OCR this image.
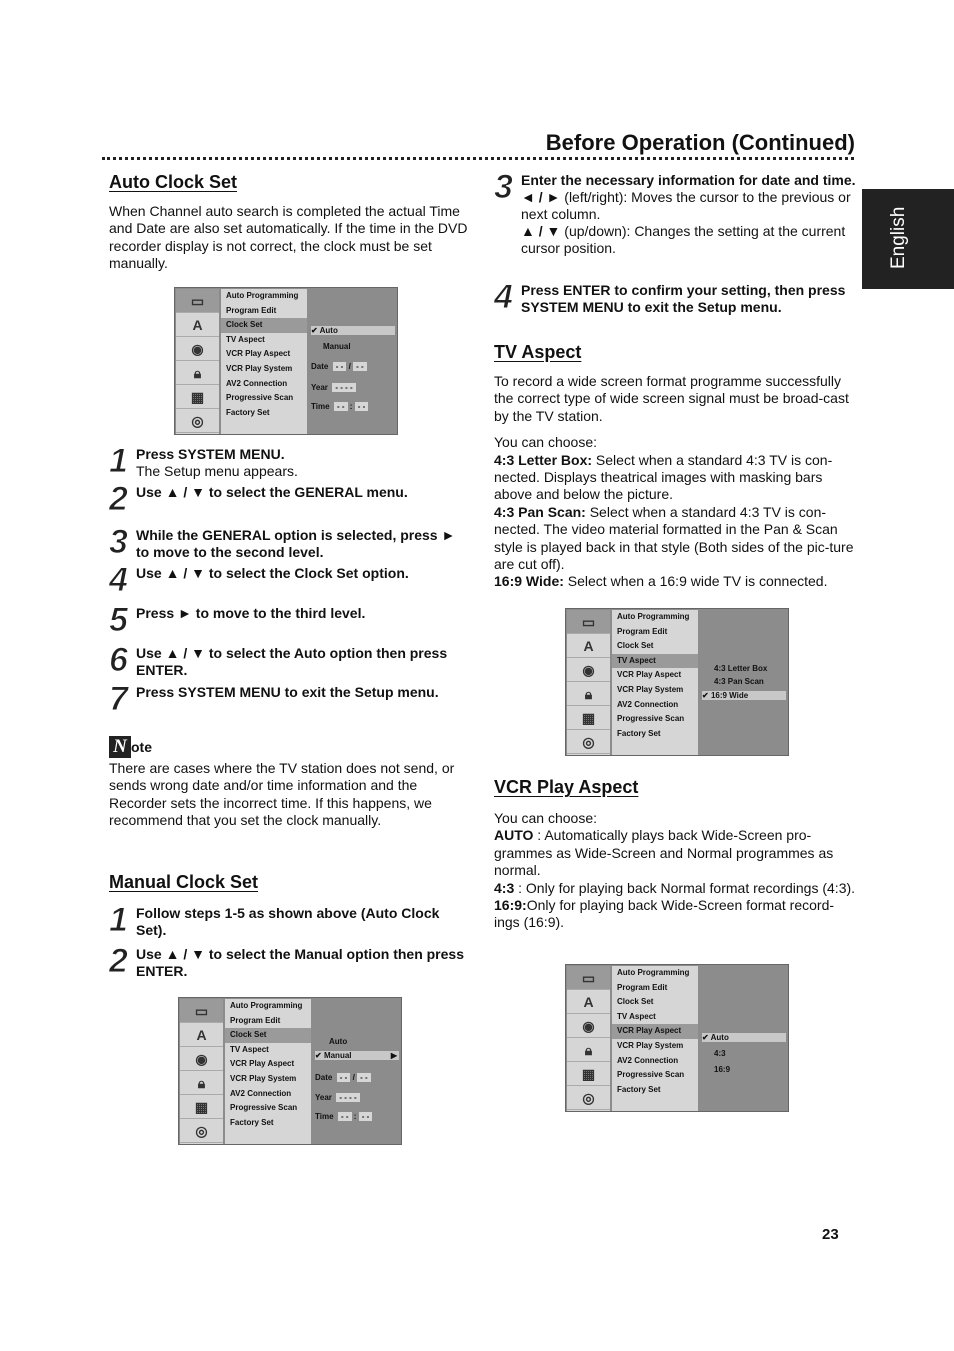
Before Operation (Continued)
English
Auto Clock Set

When Channel auto search is completed the actual Time and Date are also set automatically. If the time in the DVD recorder display is not correct, the clock must be set manually.

▭
A
◉
🔒︎
▦
◎
Auto Programming
Program Edit
Clock Set
TV Aspect
VCR Play Aspect
VCR Play System
AV2 Connection
Progressive Scan
Factory Set
✔ Auto
Manual
Date - - / - -
Year - - - -
Time - - : - -
1 Press SYSTEM MENU.
The Setup menu appears.
2 Use ▲ / ▼ to select the GENERAL menu.
3 While the GENERAL option is selected, press ► to move to the second level.
4 Use ▲ / ▼ to select the Clock Set option.
5 Press ► to move to the third level.
6 Use ▲ / ▼ to select the Auto option then press ENTER.
7 Press SYSTEM MENU to exit the Setup menu.
N ote

There are cases where the TV station does not send, or sends wrong date and/or time information and the Recorder sets the incorrect time. If this happens, we recommend that you set the clock manually.

Manual Clock Set
1 Follow steps 1-5 as shown above (Auto Clock Set).
2 Use ▲ / ▼ to select the Manual option then press ENTER.
▭
A
◉
🔒︎
▦
◎
Auto Programming
Program Edit
Clock Set
TV Aspect
VCR Play Aspect
VCR Play System
AV2 Connection
Progressive Scan
Factory Set
Auto
✔ Manual	▶
Date - - / - -
Year - - - -
Time - - : - -
3 Enter the necessary information for date and time.
◄ / ► (left/right): Moves the cursor to the previous or next column.
▲ / ▼ (up/down): Changes the setting at the current cursor position.
4 Press ENTER to confirm your setting, then press SYSTEM MENU to exit the Setup menu.
TV Aspect

To record a wide screen format programme successfully the correct type of wide screen signal must be broad-cast by the TV station.

You can choose:

4:3 Letter Box: Select when a standard 4:3 TV is con-nected. Displays theatrical images with masking bars above and below the picture.

4:3 Pan Scan: Select when a standard 4:3 TV is con-nected. The video material formatted in the Pan & Scan style is played back in that style (Both sides of the pic-ture are cut off).

16:9 Wide: Select when a 16:9 wide TV is connected.

▭
A
◉
🔒︎
▦
◎
Auto Programming
Program Edit
Clock Set
TV Aspect
VCR Play Aspect
VCR Play System
AV2 Connection
Progressive Scan
Factory Set
4:3 Letter Box
4:3 Pan Scan
✔ 16:9 Wide
VCR Play Aspect

You can choose:

AUTO : Automatically plays back Wide-Screen pro-grammes as Wide-Screen and Normal programmes as normal.

4:3 : Only for playing back Normal format recordings (4:3).

16:9:Only for playing back Wide-Screen format record-ings (16:9).

▭
A
◉
🔒︎
▦
◎
Auto Programming
Program Edit
Clock Set
TV Aspect
VCR Play Aspect
VCR Play System
AV2 Connection
Progressive Scan
Factory Set
✔ Auto
4:3
16:9
23
